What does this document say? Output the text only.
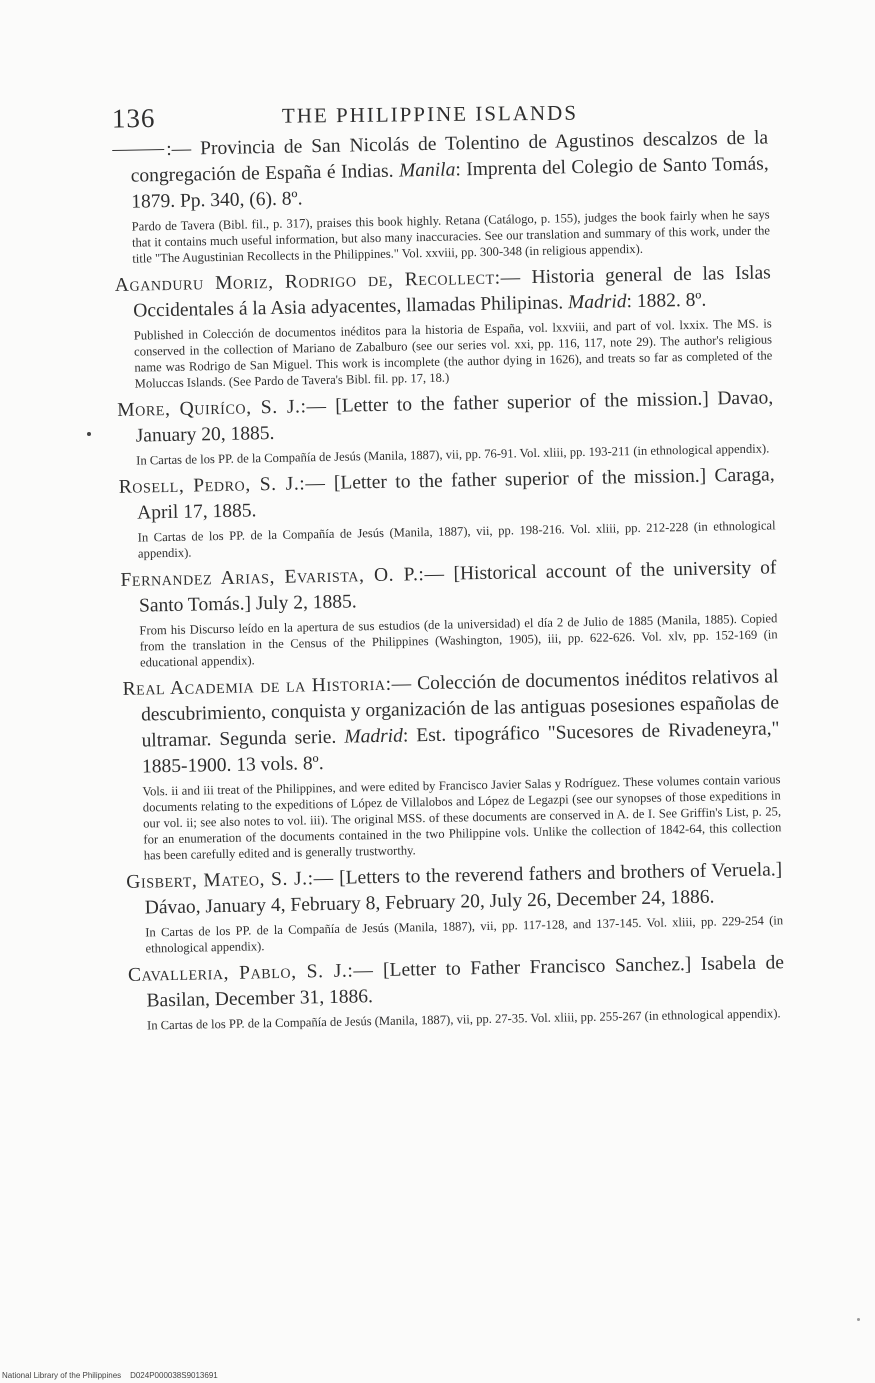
136	THE PHILIPPINE ISLANDS
:— Provincia de San Nicolás de Tolentino de Agustinos descalzos de la congregación de España é Indias. Manila: Imprenta del Colegio de Santo Tomás, 1879. Pp. 340, (6). 8º.
Pardo de Tavera (Bibl. fil., p. 317), praises this book highly. Retana (Catálogo, p. 155), judges the book fairly when he says that it contains much useful information, but also many inaccuracies. See our translation and summary of this work, under the title "The Augustinian Recollects in the Philippines." Vol. xxviii, pp. 300-348 (in religious appendix).
Aganduru Moriz, Rodrigo de, Recollect:— Historia general de las Islas Occidentales á la Asia adyacentes, llamadas Philipinas. Madrid: 1882. 8º.
Published in Colección de documentos inéditos para la historia de España, vol. lxxviii, and part of vol. lxxix. The MS. is conserved in the collection of Mariano de Zabalburo (see our series vol. xxi, pp. 116, 117, note 29). The author's religious name was Rodrigo de San Miguel. This work is incomplete (the author dying in 1626), and treats so far as completed of the Moluccas Islands. (See Pardo de Tavera's Bibl. fil. pp. 17, 18.)
More, Quiríco, S. J.:— [Letter to the father superior of the mission.] Davao, January 20, 1885.
In Cartas de los PP. de la Compañía de Jesús (Manila, 1887), vii, pp. 76-91. Vol. xliii, pp. 193-211 (in ethnological appendix).
Rosell, Pedro, S. J.:— [Letter to the father superior of the mission.] Caraga, April 17, 1885.
In Cartas de los PP. de la Compañía de Jesús (Manila, 1887), vii, pp. 198-216. Vol. xliii, pp. 212-228 (in ethnological appendix).
Fernandez Arias, Evarista, O. P.:— [Historical account of the university of Santo Tomás.] July 2, 1885.
From his Discurso leído en la apertura de sus estudios (de la universidad) el día 2 de Julio de 1885 (Manila, 1885). Copied from the translation in the Census of the Philippines (Washington, 1905), iii, pp. 622-626. Vol. xlv, pp. 152-169 (in educational appendix).
Real Academia de la Historia:— Colección de documentos inéditos relativos al descubrimiento, conquista y organización de las antiguas posesiones españolas de ultramar. Segunda serie. Madrid: Est. tipográfico "Sucesores de Rivadeneyra," 1885-1900. 13 vols. 8º.
Vols. ii and iii treat of the Philippines, and were edited by Francisco Javier Salas y Rodríguez. These volumes contain various documents relating to the expeditions of López de Villalobos and López de Legazpi (see our synopses of those expeditions in our vol. ii; see also notes to vol. iii). The original MSS. of these documents are conserved in A. de I. See Griffin's List, p. 25, for an enumeration of the documents contained in the two Philippine vols. Unlike the collection of 1842-64, this collection has been carefully edited and is generally trustworthy.
Gisbert, Mateo, S. J.:— [Letters to the reverend fathers and brothers of Veruela.] Dávao, January 4, February 8, February 20, July 26, December 24, 1886.
In Cartas de los PP. de la Compañía de Jesús (Manila, 1887), vii, pp. 117-128, and 137-145. Vol. xliii, pp. 229-254 (in ethnological appendix).
Cavalleria, Pablo, S. J.:— [Letter to Father Francisco Sanchez.] Isabela de Basilan, December 31, 1886.
In Cartas de los PP. de la Compañía de Jesús (Manila, 1887), vii, pp. 27-35. Vol. xliii, pp. 255-267 (in ethnological appendix).
National Library of the Philippines D024P000038S9013691
